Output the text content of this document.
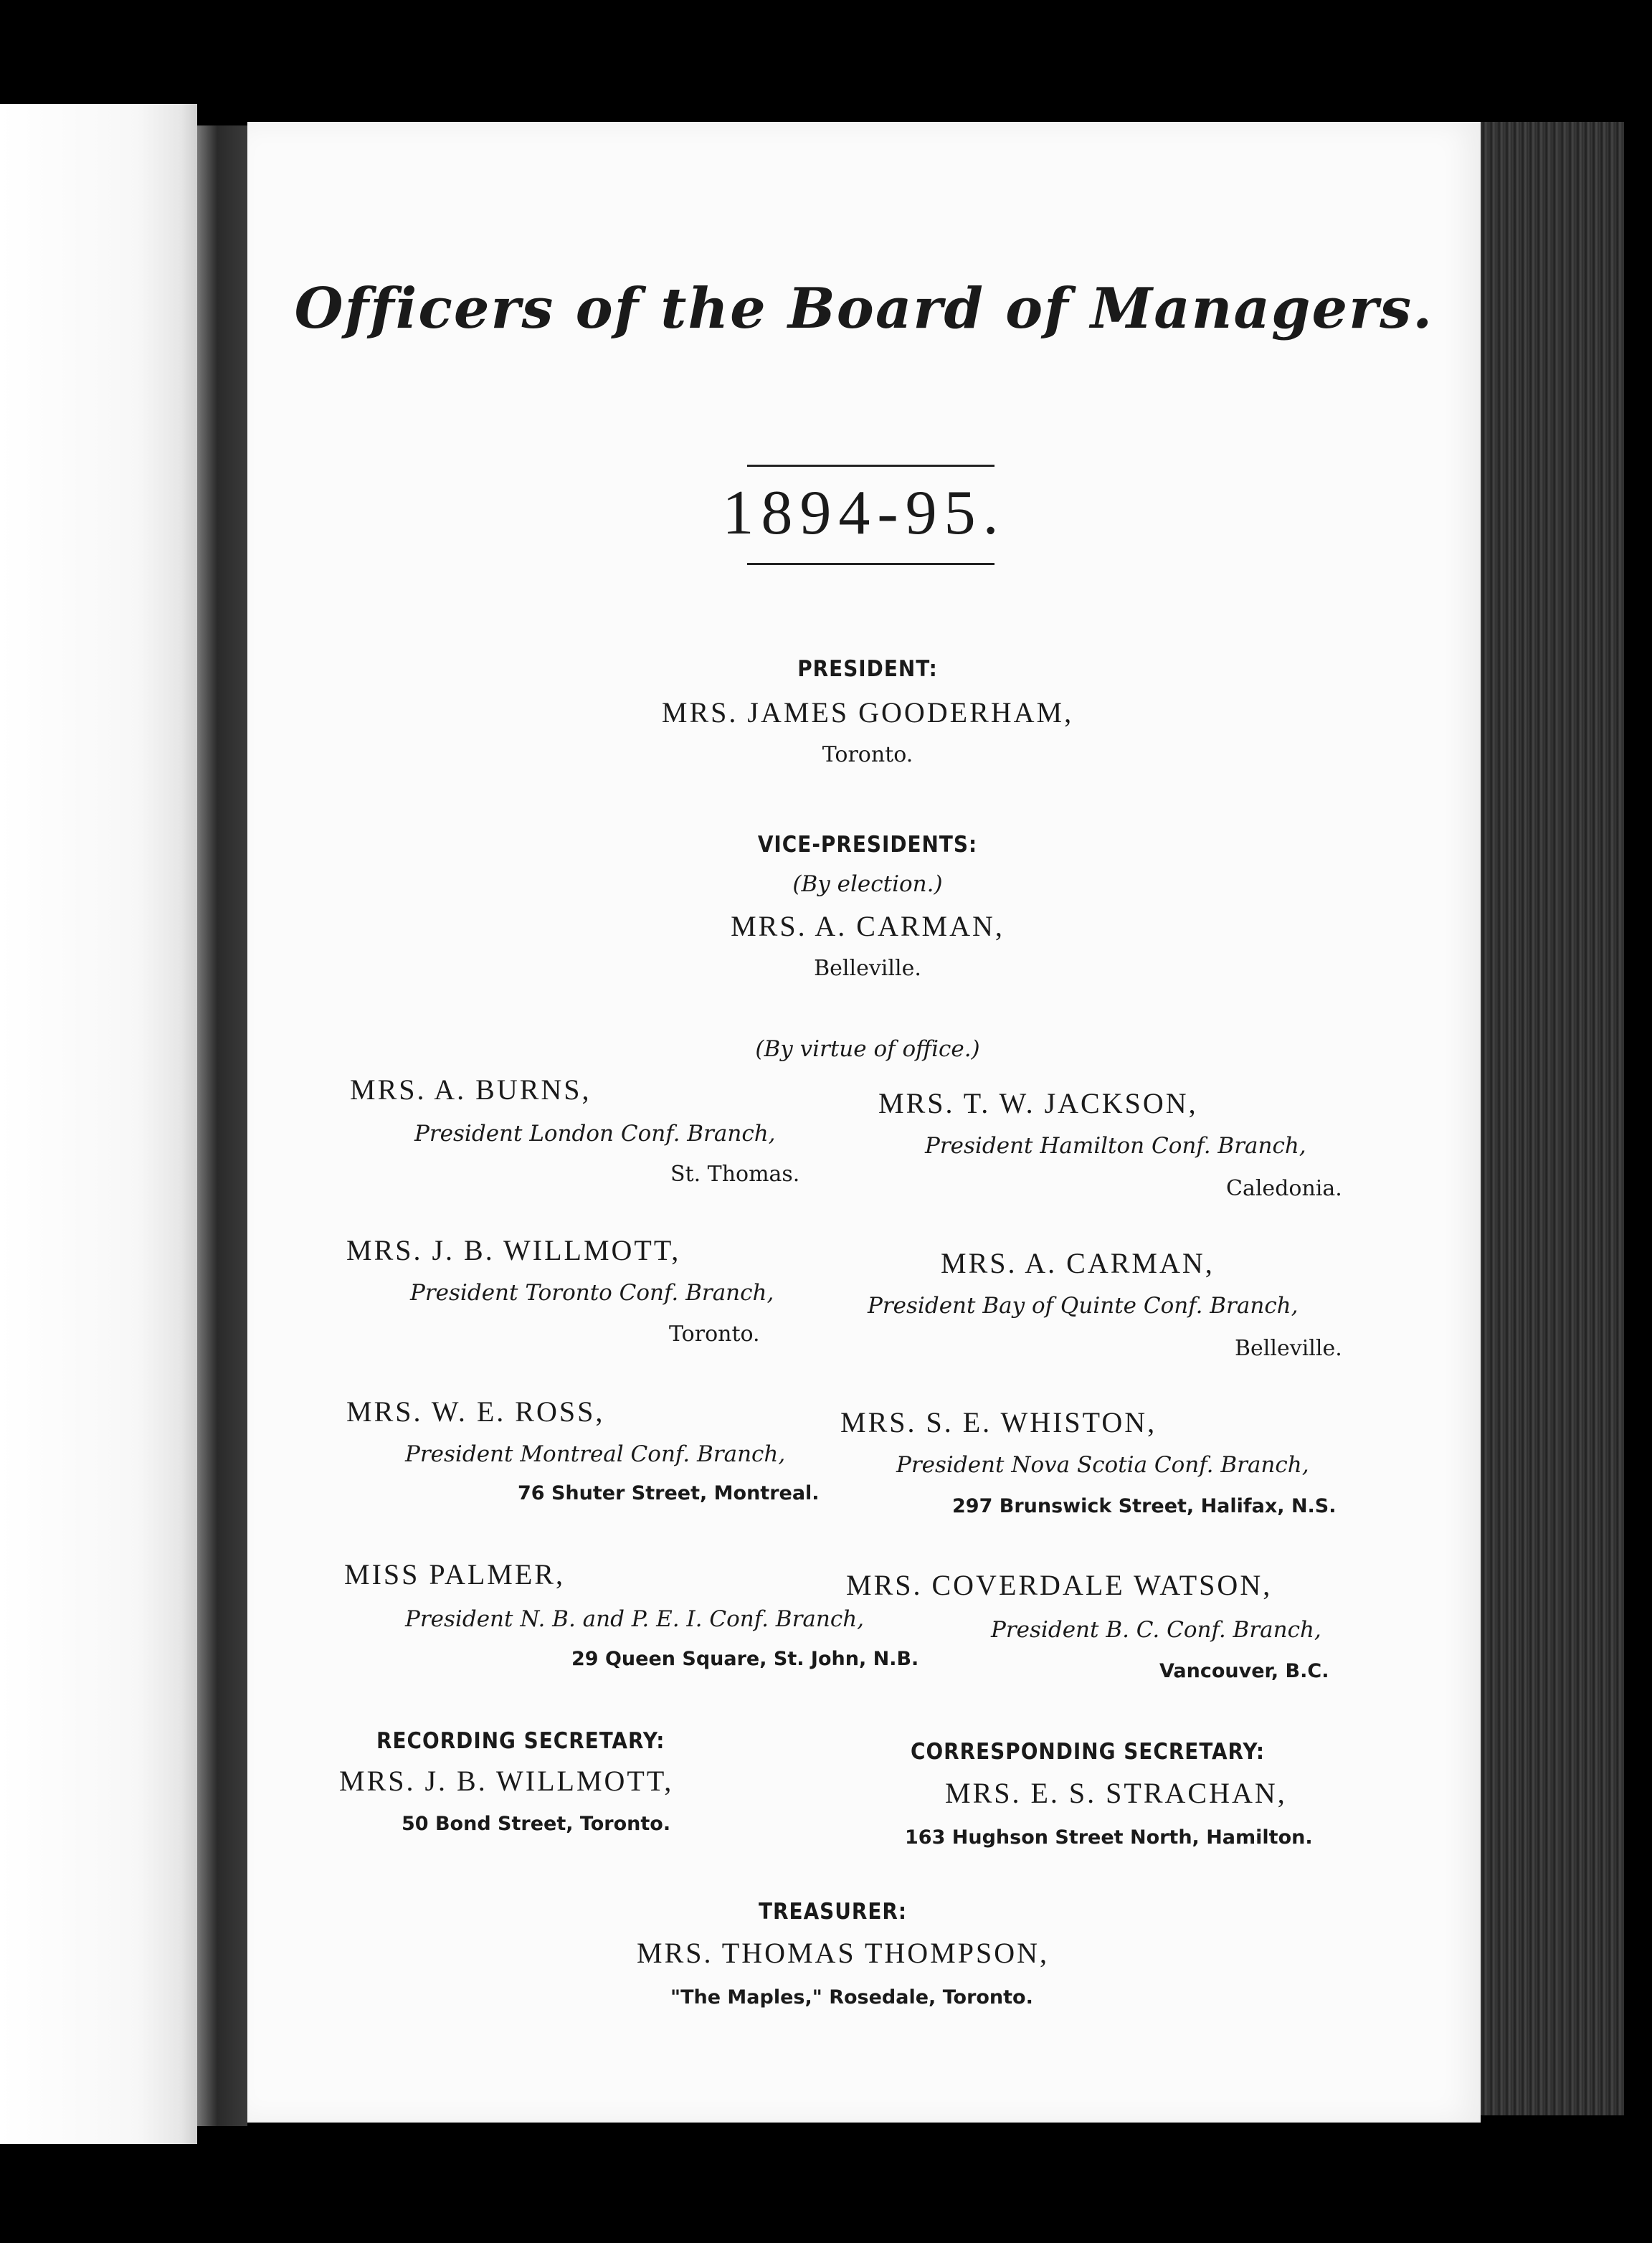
Officers of the Board of Managers.
1894-95.
PRESIDENT:
MRS. JAMES GOODERHAM,
Toronto.
VICE-PRESIDENTS:
(By election.)
MRS. A. CARMAN,
Belleville.
(By virtue of office.)
MRS. A. BURNS,
President London Conf. Branch,
St. Thomas.
MRS. J. B. WILLMOTT,
President Toronto Conf. Branch,
Toronto.
MRS. W. E. ROSS,
President Montreal Conf. Branch,
76 Shuter Street, Montreal.
MISS PALMER,
President N. B. and P. E. I. Conf. Branch,
29 Queen Square, St. John, N.B.
MRS. T. W. JACKSON,
President Hamilton Conf. Branch,
Caledonia.
MRS. A. CARMAN,
President Bay of Quinte Conf. Branch,
Belleville.
MRS. S. E. WHISTON,
President Nova Scotia Conf. Branch,
297 Brunswick Street, Halifax, N.S.
MRS. COVERDALE WATSON,
President B. C. Conf. Branch,
Vancouver, B.C.
RECORDING SECRETARY:
MRS. J. B. WILLMOTT,
50 Bond Street, Toronto.
CORRESPONDING SECRETARY:
MRS. E. S. STRACHAN,
163 Hughson Street North, Hamilton.
TREASURER:
MRS. THOMAS THOMPSON,
"The Maples," Rosedale, Toronto.
